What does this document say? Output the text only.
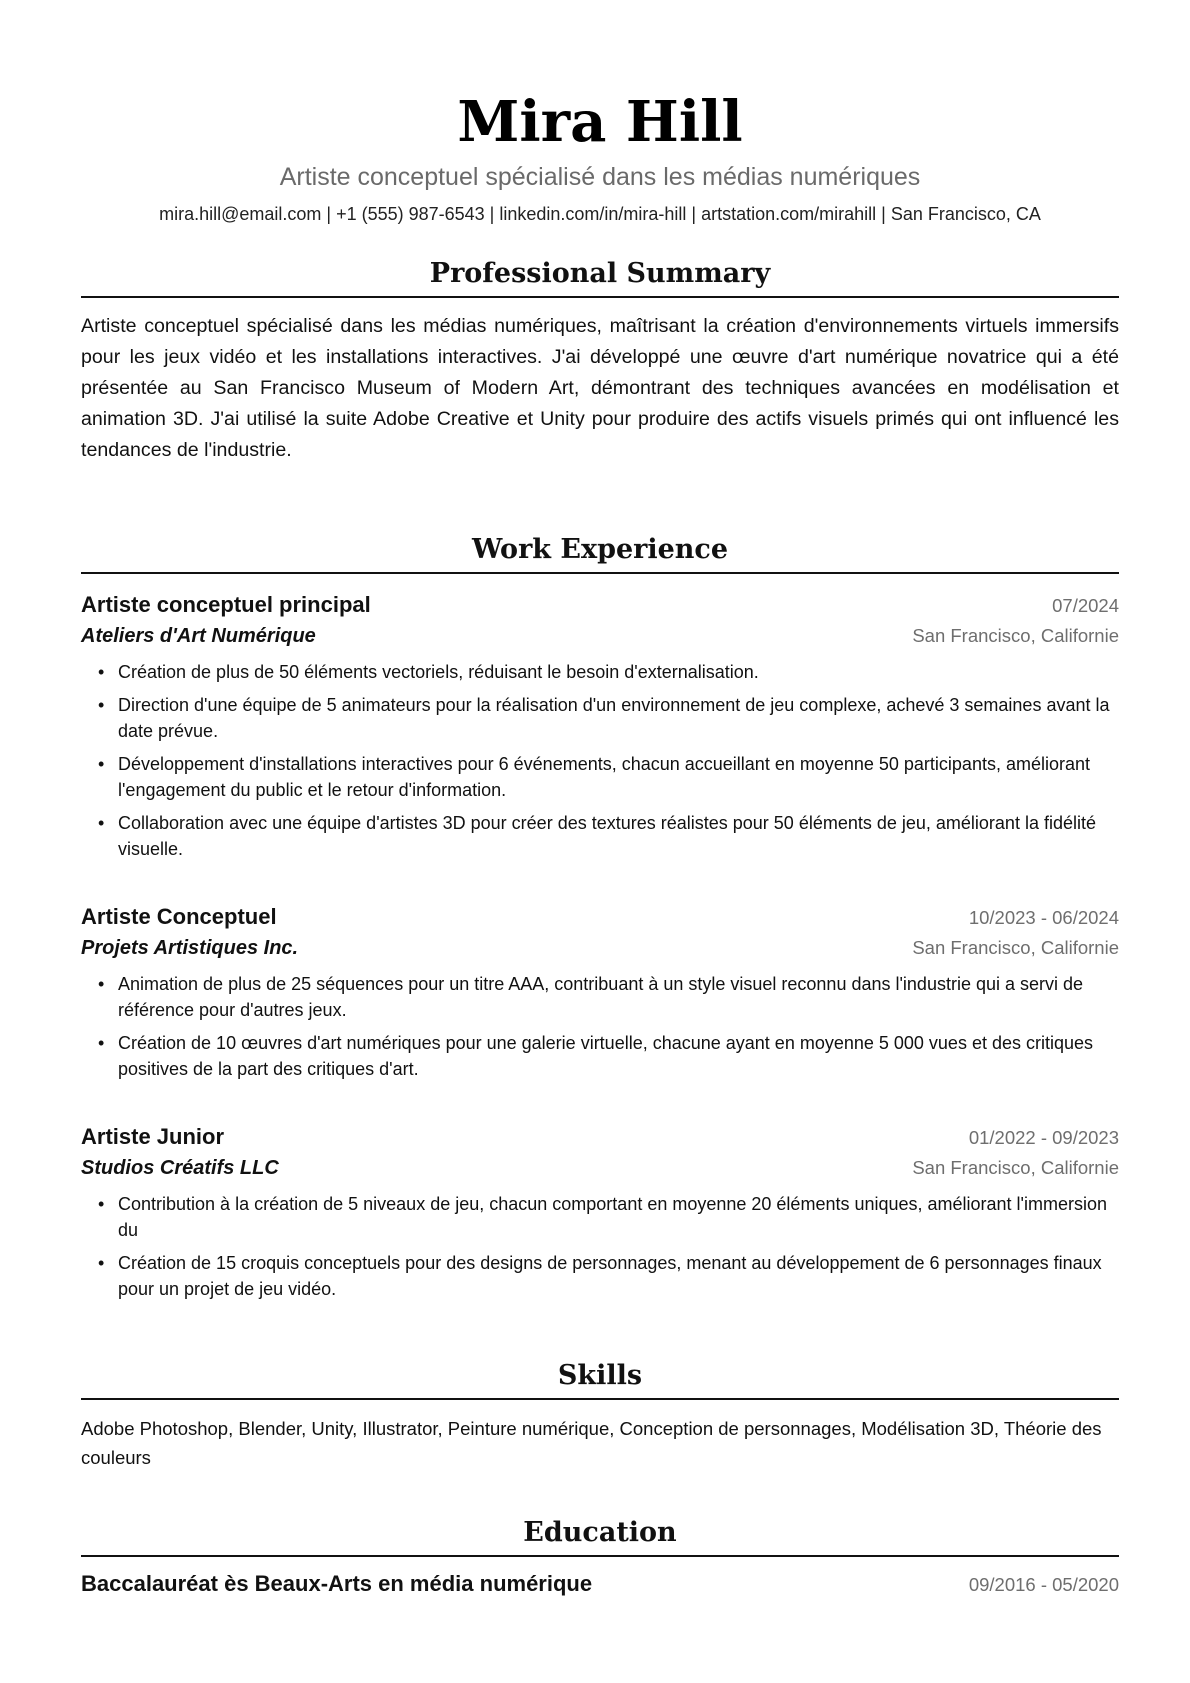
Mira Hill
Artiste conceptuel spécialisé dans les médias numériques
mira.hill@email.com | +1 (555) 987-6543 | linkedin.com/in/mira-hill | artstation.com/mirahill | San Francisco, CA
Professional Summary
Artiste conceptuel spécialisé dans les médias numériques, maîtrisant la création d'environnements virtuels immersifs pour les jeux vidéo et les installations interactives. J'ai développé une œuvre d'art numérique novatrice qui a été présentée au San Francisco Museum of Modern Art, démontrant des techniques avancées en modélisation et animation 3D. J'ai utilisé la suite Adobe Creative et Unity pour produire des actifs visuels primés qui ont influencé les tendances de l'industrie.
Work Experience
Artiste conceptuel principal	07/2024
Ateliers d'Art Numérique	San Francisco, Californie
• Création de plus de 50 éléments vectoriels, réduisant le besoin d'externalisation.
• Direction d'une équipe de 5 animateurs pour la réalisation d'un environnement de jeu complexe, achevé 3 semaines avant la date prévue.
• Développement d'installations interactives pour 6 événements, chacun accueillant en moyenne 50 participants, améliorant l'engagement du public et le retour d'information.
• Collaboration avec une équipe d'artistes 3D pour créer des textures réalistes pour 50 éléments de jeu, améliorant la fidélité visuelle.
Artiste Conceptuel	10/2023 - 06/2024
Projets Artistiques Inc.	San Francisco, Californie
• Animation de plus de 25 séquences pour un titre AAA, contribuant à un style visuel reconnu dans l'industrie qui a servi de référence pour d'autres jeux.
• Création de 10 œuvres d'art numériques pour une galerie virtuelle, chacune ayant en moyenne 5 000 vues et des critiques positives de la part des critiques d'art.
Artiste Junior	01/2022 - 09/2023
Studios Créatifs LLC	San Francisco, Californie
• Contribution à la création de 5 niveaux de jeu, chacun comportant en moyenne 20 éléments uniques, améliorant l'immersion du
• Création de 15 croquis conceptuels pour des designs de personnages, menant au développement de 6 personnages finaux pour un projet de jeu vidéo.
Skills
Adobe Photoshop, Blender, Unity, Illustrator, Peinture numérique, Conception de personnages, Modélisation 3D, Théorie des couleurs
Education
Baccalauréat ès Beaux-Arts en média numérique	09/2016 - 05/2020
